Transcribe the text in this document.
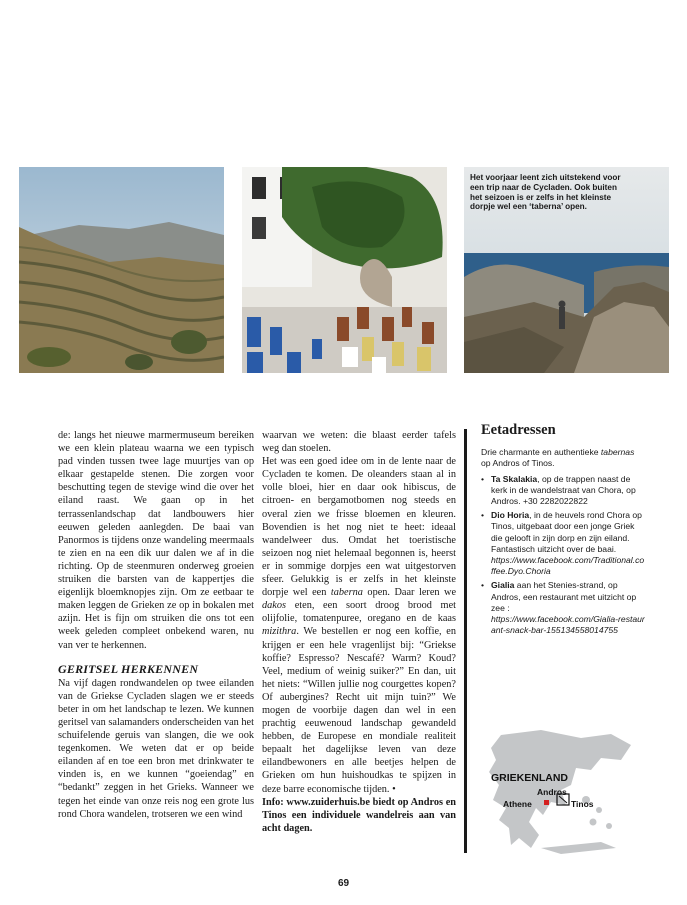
Het voorjaar leent zich uitstekend voor een trip naar de Cycladen. Ook buiten het seizoen is er zelfs in het kleinste dorpje wel een ‘taberna’ open.

de: langs het nieuwe marmermuseum bereiken we een klein plateau waarna we een typisch pad vinden tussen twee lage muurtjes van op elkaar gestapelde stenen. Die zorgen voor beschutting tegen de stevige wind die over het eiland raast. We gaan op in het terrassenlandschap dat landbouwers hier eeuwen geleden aanlegden. De baai van Panormos is tijdens onze wandeling meermaals te zien en na een dik uur dalen we af in die richting. Op de steenmuren onderweg groeien struiken die barsten van de kappertjes die eigenlijk bloemknopjes zijn. Om ze eetbaar te maken leggen de Grieken ze op in bokalen met azijn. Het is fijn om struiken die ons tot een week geleden compleet onbekend waren, nu van ver te herkennen.

GERITSEL HERKENNEN

Na vijf dagen rondwandelen op twee eilanden van de Griekse Cycladen slagen we er steeds beter in om het landschap te lezen. We kunnen geritsel van salamanders onderscheiden van het schuifelende geruis van slangen, die we ook tegenkomen. We weten dat er op beide eilanden af en toe een bron met drinkwater te vinden is, en we kunnen “goeiendag” en “bedankt” zeggen in het Grieks. Wanneer we tegen het einde van onze reis nog een grote lus rond Chora wandelen, trotseren we een wind

waarvan we weten: die blaast eerder tafels weg dan stoelen.

Het was een goed idee om in de lente naar de Cycladen te komen. De oleanders staan al in volle bloei, hier en daar ook hibiscus, de citroen- en bergamotbomen nog steeds en overal zien we frisse bloemen en kleuren. Bovendien is het nog niet te heet: ideaal wandelweer dus. Omdat het toeristische seizoen nog niet helemaal begonnen is, heerst er in sommige dorpjes een wat uitgestorven sfeer. Gelukkig is er zelfs in het kleinste dorpje wel een taberna open. Daar leren we dakos eten, een soort droog brood met olijfolie, tomatenpuree, oregano en de kaas mizithra. We bestellen er nog een koffie, en krijgen er een hele vragenlijst bij: “Griekse koffie? Espresso? Nescafé? Warm? Koud? Veel, medium of weinig suiker?” En dan, uit het niets: “Willen jullie nog courgettes kopen? Of aubergines? Recht uit mijn tuin?” We mogen de voorbije dagen dan wel in een prachtig eeuwenoud landschap gewandeld hebben, de Europese en mondiale realiteit bepaalt het dagelijkse leven van deze eilandbewoners en alle beetjes helpen de Grieken om hun huishoudkas te spijzen in deze barre economische tijden. •

Info: www.zuiderhuis.be biedt op Andros en Tinos een individuele wandelreis aan van acht dagen.

Eetadressen

Drie charmante en authentieke tabernas op Andros of Tinos.

• Ta Skalakia, op de trappen naast de kerk in de wandelstraat van Chora, op Andros. +30 2282022822
• Dio Horia, in de heuvels rond Chora op Tinos, uitgebaat door een jonge Griek die gelooft in zijn dorp en zijn eiland. Fantastisch uitzicht over de baai.
https://www.facebook.com/Traditional.coffee.Dyo.Choria
• Gialia aan het Stenies-strand, op Andros, een restaurant met uitzicht op zee :
https://www.facebook.com/Gialia-restaurant-snack-bar-155134558014755
GRIEKENLAND
Andros
Athene	Tinos
69
